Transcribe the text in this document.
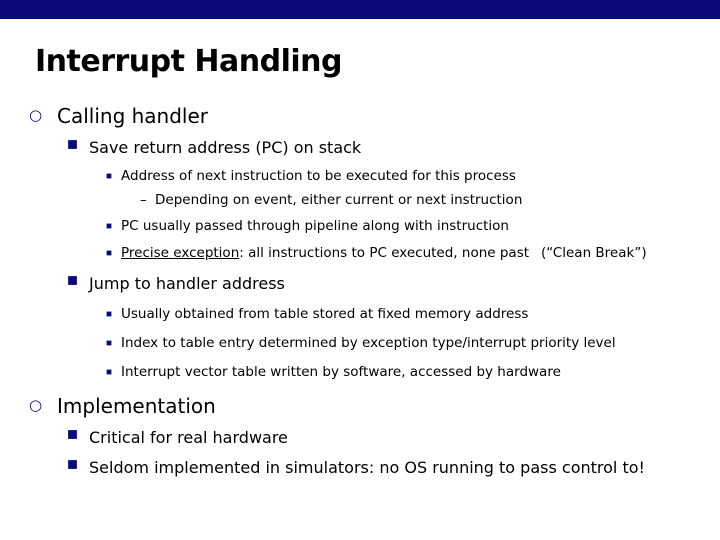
Interrupt Handling
○ Calling handler
Save return address (PC) on stack
Address of next instruction to be executed for this process
– Depending on event, either current or next instruction
PC usually passed through pipeline along with instruction
Precise exception: all instructions to PC executed, none past (“Clean Break”)
Jump to handler address
Usually obtained from table stored at fixed memory address
Index to table entry determined by exception type/interrupt priority level
Interrupt vector table written by software, accessed by hardware
○ Implementation
Critical for real hardware
Seldom implemented in simulators: no OS running to pass control to!
